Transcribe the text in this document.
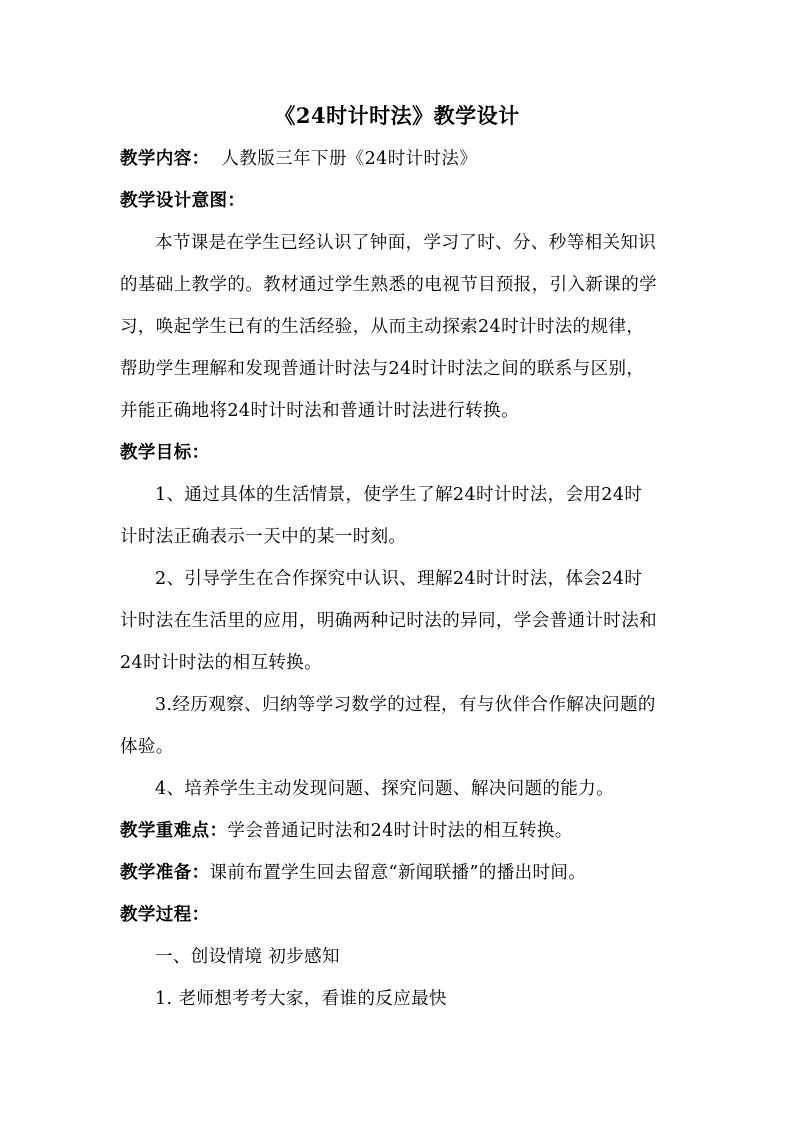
《24时计时法》教学设计
教学内容：  人教版三年下册《24时计时法》
教学设计意图：
本节课是在学生已经认识了钟面，学习了时、分、秒等相关知识
的基础上教学的。教材通过学生熟悉的电视节目预报，引入新课的学
习，唤起学生已有的生活经验，从而主动探索24时计时法的规律，
帮助学生理解和发现普通计时法与24时计时法之间的联系与区别，
并能正确地将24时计时法和普通计时法进行转换。
教学目标：
1、通过具体的生活情景，使学生了解24时计时法，会用24时
计时法正确表示一天中的某一时刻。
2、引导学生在合作探究中认识、理解24时计时法，体会24时
计时法在生活里的应用，明确两种记时法的异同，学会普通计时法和
24时计时法的相互转换。
3.经历观察、归纳等学习数学的过程，有与伙伴合作解决问题的
体验。
4、培养学生主动发现问题、探究问题、解决问题的能力。
教学重难点：学会普通记时法和24时计时法的相互转换。
教学准备：课前布置学生回去留意“新闻联播”的播出时间。
教学过程：
一、创设情境 初步感知
1. 老师想考考大家，看谁的反应最快
